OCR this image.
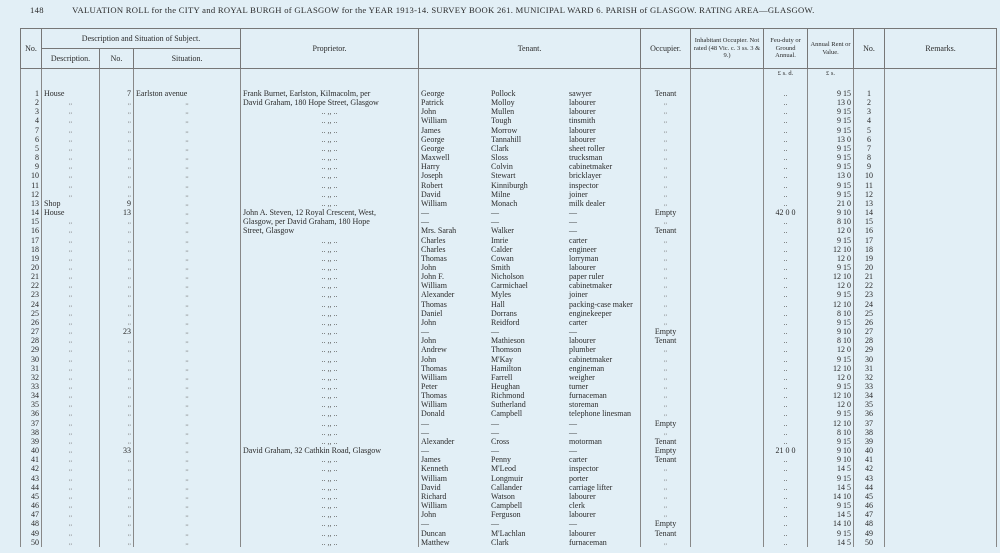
148	VALUATION ROLL for the CITY and ROYAL BURGH of GLASGOW for the YEAR 1913-14. SURVEY BOOK 261. MUNICIPAL WARD 6. PARISH of GLASGOW. RATING AREA—GLASGOW.
No.	Description and Situation of Subject.			Proprietor.	Tenant.	Occupier.	Inhabitant Occupier. Not rated (48 Vic. c. 3 ss. 3 & 9.)	Feu-duty or Ground Annual.	Annual Rent or Value.	No.	Remarks.
	Description.	No.	Situation.								
								£ s. d.	£ s.		
1	House	7	Earlston avenue	Frank Burnet, Earlston, Kilmacolm, per	George Pollock sawyer	Tenant		..	9 15	1	
2	,,	,,	,,	David Graham, 180 Hope Street, Glasgow	Patrick Molloy labourer	,,		..	13 0	2	
3	,,	,,	,,	.. ,, ..	John Mullen labourer	,,		..	9 15	3	
4	,,	,,	,,	.. ,, ..	William Tough tinsmith	,,		..	9 15	4	
7	,,	,,	,,	.. ,, ..	James Morrow labourer	,,		..	9 15	5	
6	,,	,,	,,	.. ,, ..	George Tannahill labourer	,,		..	13 0	6	
5	,,	,,	,,	.. ,, ..	George Clark sheet roller	,,		..	9 15	7	
8	,,	,,	,,	.. ,, ..	Maxwell Sloss trucksman	,,		..	9 15	8	
9	,,	,,	,,	.. ,, ..	Harry Colvin cabinetmaker	,,		..	9 15	9	
10	,,	,,	,,	.. ,, ..	Joseph Stewart bricklayer	,,		..	13 0	10	
11	,,	,,	,,	.. ,, ..	Robert Kinniburgh inspector	,,		..	9 15	11	
12	,,	,,	,,	.. ,, ..	David Milne joiner	,,		..	9 15	12	
13	Shop	9	,,	.. ,, ..	William Monach milk dealer	,,		..	21 0	13	
14	House	13	,,	John A. Steven, 12 Royal Crescent, West,	— — —	Empty		42 0 0	9 10	14	
15	,,	,,	,,	Glasgow, per David Graham, 180 Hope	— — —	,,		..	8 10	15	
16	,,	,,	,,	Street, Glasgow	Mrs. Sarah Walker —	Tenant		..	12 0	16	
17	,,	,,	,,	.. ,, ..	Charles Imrie carter	,,		..	9 15	17	
18	,,	,,	,,	.. ,, ..	Charles Calder engineer	,,		..	12 10	18	
19	,,	,,	,,	.. ,, ..	Thomas Cowan lorryman	,,		..	12 0	19	
20	,,	,,	,,	.. ,, ..	John Smith labourer	,,		..	9 15	20	
21	,,	,,	,,	.. ,, ..	John F. Nicholson paper ruler	,,		..	12 10	21	
22	,,	,,	,,	.. ,, ..	William Carmichael cabinetmaker	,,		..	12 0	22	
23	,,	,,	,,	.. ,, ..	Alexander Myles joiner	,,		..	9 15	23	
24	,,	,,	,,	.. ,, ..	Thomas Hall packing-case maker	,,		..	12 10	24	
25	,,	,,	,,	.. ,, ..	Daniel Dorrans enginekeeper	,,		..	8 10	25	
26	,,	,,	,,	.. ,, ..	John Reidford carter	,,		..	9 15	26	
27	,,	23	,,	.. ,, ..	— — —	Empty		..	9 10	27	
28	,,	,,	,,	.. ,, ..	John Mathieson labourer	Tenant		..	8 10	28	
29	,,	,,	,,	.. ,, ..	Andrew Thomson plumber	,,		..	12 0	29	
30	,,	,,	,,	.. ,, ..	John M'Kay cabinetmaker	,,		..	9 15	30	
31	,,	,,	,,	.. ,, ..	Thomas Hamilton engineman	,,		..	12 10	31	
32	,,	,,	,,	.. ,, ..	William Farrell weigher	,,		..	12 0	32	
33	,,	,,	,,	.. ,, ..	Peter Heughan turner	,,		..	9 15	33	
34	,,	,,	,,	.. ,, ..	Thomas Richmond furnaceman	,,		..	12 10	34	
35	,,	,,	,,	.. ,, ..	William Sutherland storeman	,,		..	12 0	35	
36	,,	,,	,,	.. ,, ..	Donald Campbell telephone linesman	,,		..	9 15	36	
37	,,	,,	,,	.. ,, ..	— — —	Empty		..	12 10	37	
38	,,	,,	,,	.. ,, ..	— — —	,,		..	8 10	38	
39	,,	,,	,,	.. ,, ..	Alexander Cross motorman	Tenant		..	9 15	39	
40	,,	33	,,	David Graham, 32 Cathkin Road, Glasgow	— — —	Empty		21 0 0	9 10	40	
41	,,	,,	,,	.. ,, ..	James Penny carter	Tenant		..	9 10	41	
42	,,	,,	,,	.. ,, ..	Kenneth M'Leod inspector	,,		..	14 5	42	
43	,,	,,	,,	.. ,, ..	William Longmuir porter	,,		..	9 15	43	
44	,,	,,	,,	.. ,, ..	David Callander carriage lifter	,,		..	14 5	44	
45	,,	,,	,,	.. ,, ..	Richard Watson labourer	,,		..	14 10	45	
46	,,	,,	,,	.. ,, ..	William Campbell clerk	,,		..	9 15	46	
47	,,	,,	,,	.. ,, ..	John Ferguson labourer	,,		..	14 5	47	
48	,,	,,	,,	.. ,, ..	— — —	Empty		..	14 10	48	
49	,,	,,	,,	.. ,, ..	Duncan M'Lachlan labourer	Tenant		..	9 15	49	
50	,,	,,	,,	.. ,, ..	Matthew Clark furnaceman	,,		..	14 5	50	
